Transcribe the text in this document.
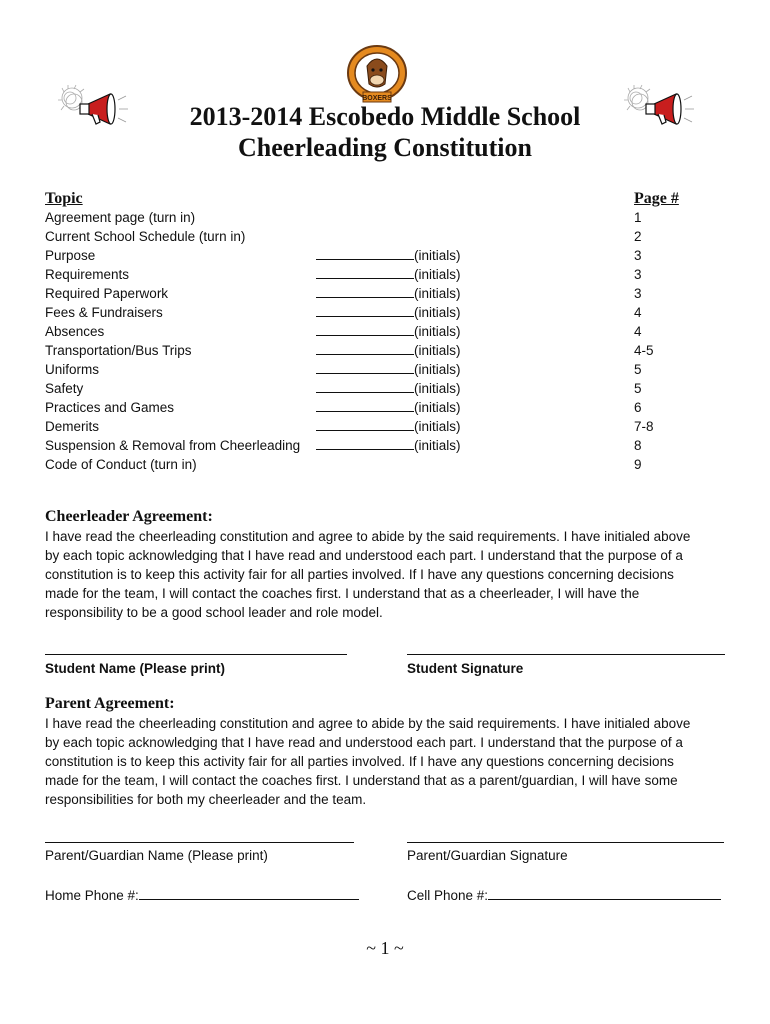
BOXERS
2013-2014 Escobedo Middle School
Cheerleading Constitution
Topic	Page #
Agreement page (turn in)	1
Current School Schedule (turn in)	2
Purpose	(initials)	3
Requirements	(initials)	3
Required Paperwork	(initials)	3
Fees & Fundraisers	(initials)	4
Absences	(initials)	4
Transportation/Bus Trips	(initials)	4-5
Uniforms	(initials)	5
Safety	(initials)	5
Practices and Games	(initials)	6
Demerits	(initials)	7-8
Suspension & Removal from Cheerleading	(initials)	8
Code of Conduct (turn in)	9
Cheerleader Agreement:
I have read the cheerleading constitution and agree to abide by the said requirements. I have initialed above
by each topic acknowledging that I have read and understood each part. I understand that the purpose of a
constitution is to keep this activity fair for all parties involved. If I have any questions concerning decisions
made for the team, I will contact the coaches first. I understand that as a cheerleader, I will have the
responsibility to be a good school leader and role model.
Student Name (Please print)	Student Signature
Parent Agreement:
I have read the cheerleading constitution and agree to abide by the said requirements. I have initialed above
by each topic acknowledging that I have read and understood each part. I understand that the purpose of a
constitution is to keep this activity fair for all parties involved. If I have any questions concerning decisions
made for the team, I will contact the coaches first. I understand that as a parent/guardian, I will have some
responsibilities for both my cheerleader and the team.
Parent/Guardian Name (Please print)	Parent/Guardian Signature
Home Phone #:	Cell Phone #:
~ 1 ~
